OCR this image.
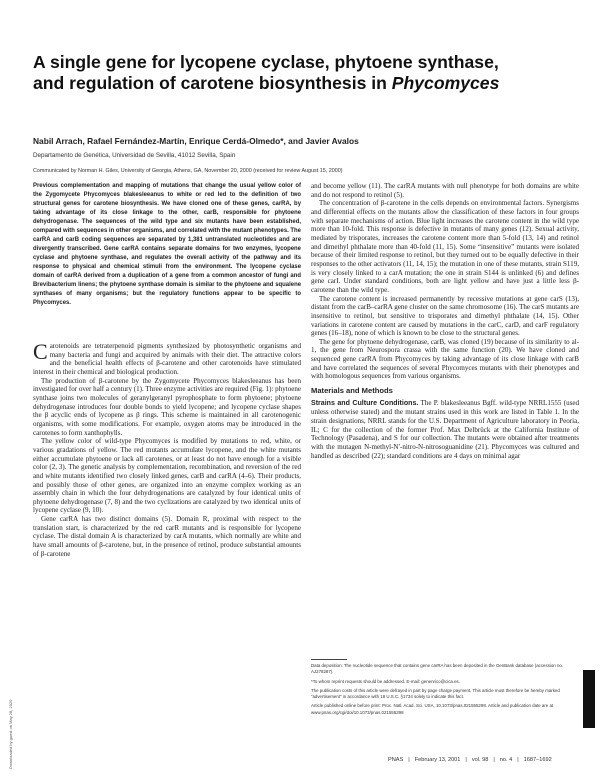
A single gene for lycopene cyclase, phytoene synthase, and regulation of carotene biosynthesis in Phycomyces
Nabil Arrach, Rafael Fernández-Martín, Enrique Cerdá-Olmedo*, and Javier Avalos
Departamento de Genética, Universidad de Sevilla, 41012 Sevilla, Spain
Communicated by Norman H. Giles, University of Georgia, Athens, GA, November 20, 2000 (received for review August 15, 2000)
Previous complementation and mapping of mutations that change the usual yellow color of the Zygomycete Phycomyces blakesleeanus to white or red led to the definition of two structural genes for carotene biosynthesis. We have cloned one of these genes, carRA, by taking advantage of its close linkage to the other, carB, responsible for phytoene dehydrogenase. The sequences of the wild type and six mutants have been established, compared with sequences in other organisms, and correlated with the mutant phenotypes. The carRA and carB coding sequences are separated by 1,381 untranslated nucleotides and are divergently transcribed. Gene carRA contains separate domains for two enzymes, lycopene cyclase and phytoene synthase, and regulates the overall activity of the pathway and its response to physical and chemical stimuli from the environment. The lycopene cyclase domain of carRA derived from a duplication of a gene from a common ancestor of fungi and Brevibacterium linens; the phytoene synthase domain is similar to the phytoene and squalene synthases of many organisms; but the regulatory functions appear to be specific to Phycomyces.

Carotenoids are tetraterpenoid pigments synthesized by photosynthetic organisms and many bacteria and fungi and acquired by animals with their diet. The attractive colors and the beneficial health effects of β-carotene and other carotenoids have stimulated interest in their chemical and biological production.

The production of β-carotene by the Zygomycete Phycomyces blakesleeanus has been investigated for over half a century (1). Three enzyme activities are required (Fig. 1): phytoene synthase joins two molecules of geranylgeranyl pyrophosphate to form phytoene; phytoene dehydrogenase introduces four double bonds to yield lycopene; and lycopene cyclase shapes the β acyclic ends of lycopene as β rings. This scheme is maintained in all carotenogenic organisms, with some modifications. For example, oxygen atoms may be introduced in the carotenes to form xanthophylls.

The yellow color of wild-type Phycomyces is modified by mutations to red, white, or various gradations of yellow. The red mutants accumulate lycopene, and the white mutants either accumulate phytoene or lack all carotenes, or at least do not have enough for a visible color (2, 3). The genetic analysis by complementation, recombination, and reversion of the red and white mutants identified two closely linked genes, carB and carRA (4–6). Their products, and possibly those of other genes, are organized into an enzyme complex working as an assembly chain in which the four dehydrogenations are catalyzed by four identical units of phytoene dehydrogenase (7, 8) and the two cyclizations are catalyzed by two identical units of lycopene cyclase (9, 10).

Gene carRA has two distinct domains (5). Domain R, proximal with respect to the translation start, is characterized by the red carR mutants and is responsible for lycopene cyclase. The distal domain A is characterized by carA mutants, which normally are white and have small amounts of β-carotene, but, in the presence of retinol, produce substantial amounts of β-carotene

and become yellow (11). The carRA mutants with null phenotype for both domains are white and do not respond to retinol (5).

The concentration of β-carotene in the cells depends on environmental factors. Synergisms and differential effects on the mutants allow the classification of these factors in four groups with separate mechanisms of action. Blue light increases the carotene content in the wild type more than 10-fold. This response is defective in mutants of many genes (12). Sexual activity, mediated by trisporates, increases the carotene content more than 5-fold (13, 14) and retinol and dimethyl phthalate more than 40-fold (11, 15). Some “insensitive” mutants were isolated because of their limited response to retinol, but they turned out to be equally defective in their responses to the other activators (11, 14, 15); the mutation in one of these mutants, strain S119, is very closely linked to a carA mutation; the one in strain S144 is unlinked (6) and defines gene carI. Under standard conditions, both are light yellow and have just a little less β-carotene than the wild type.

The carotene content is increased permanently by recessive mutations at gene carS (13), distant from the carB–carRA gene cluster on the same chromosome (16). The carS mutants are insensitive to retinol, but sensitive to trisporates and dimethyl phthalate (14, 15). Other variations in carotene content are caused by mutations in the carC, carD, and carF regulatory genes (16–18), none of which is known to be close to the structural genes.

The gene for phytoene dehydrogenase, carB, was cloned (19) because of its similarity to al-1, the gene from Neurospora crassa with the same function (20). We have cloned and sequenced gene carRA from Phycomyces by taking advantage of its close linkage with carB and have correlated the sequences of several Phycomyces mutants with their phenotypes and with homologous sequences from various organisms.

Materials and Methods

Strains and Culture Conditions. The P. blakesleeanus Bgff. wild-type NRRL1555 (used unless otherwise stated) and the mutant strains used in this work are listed in Table 1. In the strain designations, NRRL stands for the U.S. Department of Agriculture laboratory in Peoria, IL; C for the collection of the former Prof. Max Delbrück at the California Institute of Technology (Pasadena), and S for our collection. The mutants were obtained after treatments with the mutagen N-methyl-N′-nitro-N-nitrosoguanidine (21). Phycomyces was cultured and handled as described (22); standard conditions are 4 days on minimal agar

Data deposition: The nucleotide sequence that contains gene carRA has been deposited in the GenBank database (accession no. AJ278287).
*To whom reprint requests should be addressed. E-mail: genenrico@cica.es.
The publication costs of this article were defrayed in part by page charge payment. This article must therefore be hereby marked “advertisement” in accordance with 18 U.S.C. §1734 solely to indicate this fact.
Article published online before print: Proc. Natl. Acad. Sci. USA, 10.1073/pnas.021555298. Article and publication date are at www.pnas.org/cgi/doi/10.1073/pnas.021555298	GENETICS
Downloaded by guest on May 28, 2020	PNAS | February 13, 2001 | vol. 98 | no. 4 | 1687–1692
